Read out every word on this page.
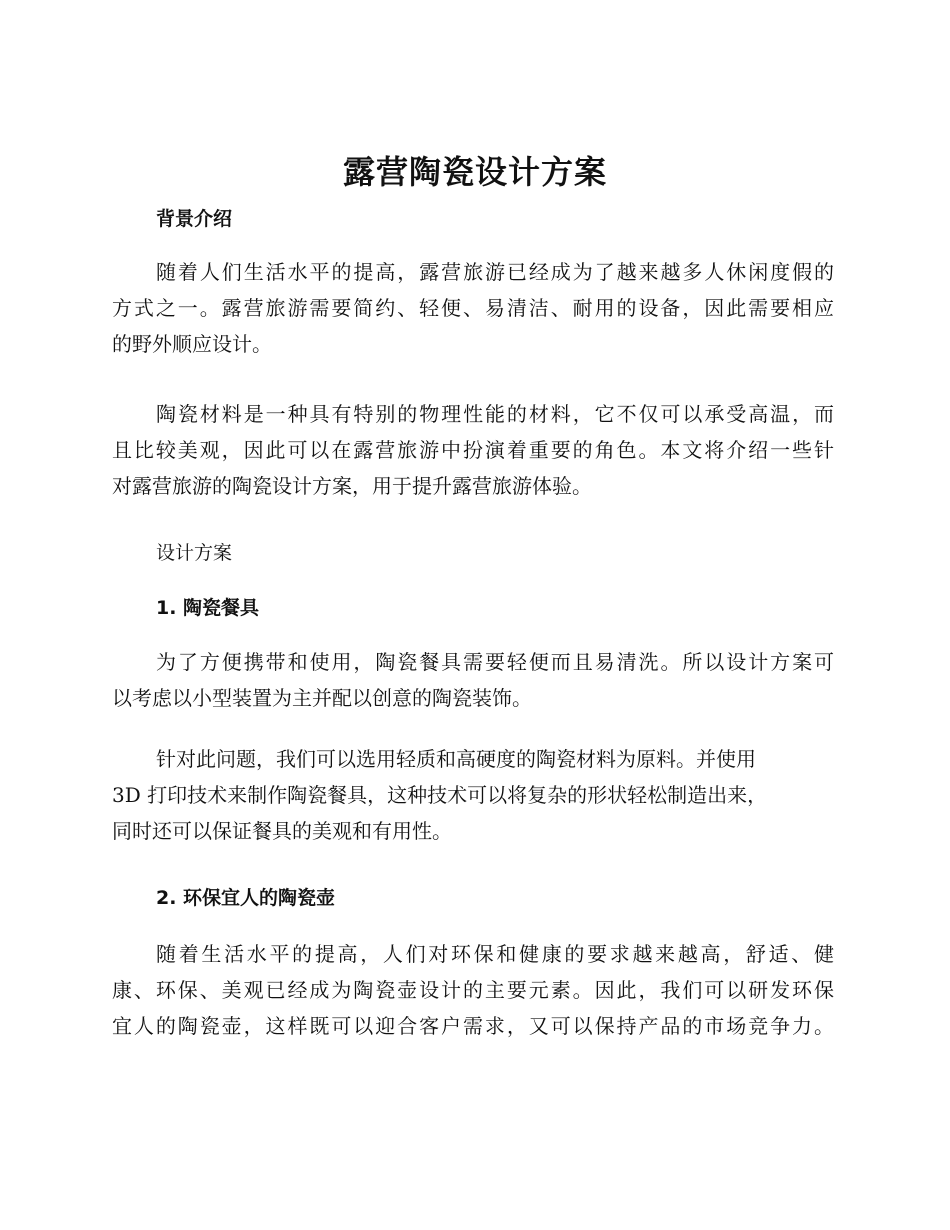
露营陶瓷设计方案
背景介绍

随着人们生活水平的提高，露营旅游已经成为了越来越多人休闲度假的
方式之一。露营旅游需要简约、轻便、易清洁、耐用的设备，因此需要相应
的野外顺应设计。

陶瓷材料是一种具有特别的物理性能的材料，它不仅可以承受高温，而
且比较美观，因此可以在露营旅游中扮演着重要的角色。本文将介绍一些针
对露营旅游的陶瓷设计方案，用于提升露营旅游体验。

设计方案
1. 陶瓷餐具

为了方便携带和使用，陶瓷餐具需要轻便而且易清洗。所以设计方案可
以考虑以小型装置为主并配以创意的陶瓷装饰。

针对此问题，我们可以选用轻质和高硬度的陶瓷材料为原料。并使用
3D 打印技术来制作陶瓷餐具，这种技术可以将复杂的形状轻松制造出来，
同时还可以保证餐具的美观和有用性。

2. 环保宜人的陶瓷壶

随着生活水平的提高，人们对环保和健康的要求越来越高，舒适、健
康、环保、美观已经成为陶瓷壶设计的主要元素。因此，我们可以研发环保
宜人的陶瓷壶，这样既可以迎合客户需求，又可以保持产品的市场竞争力。
